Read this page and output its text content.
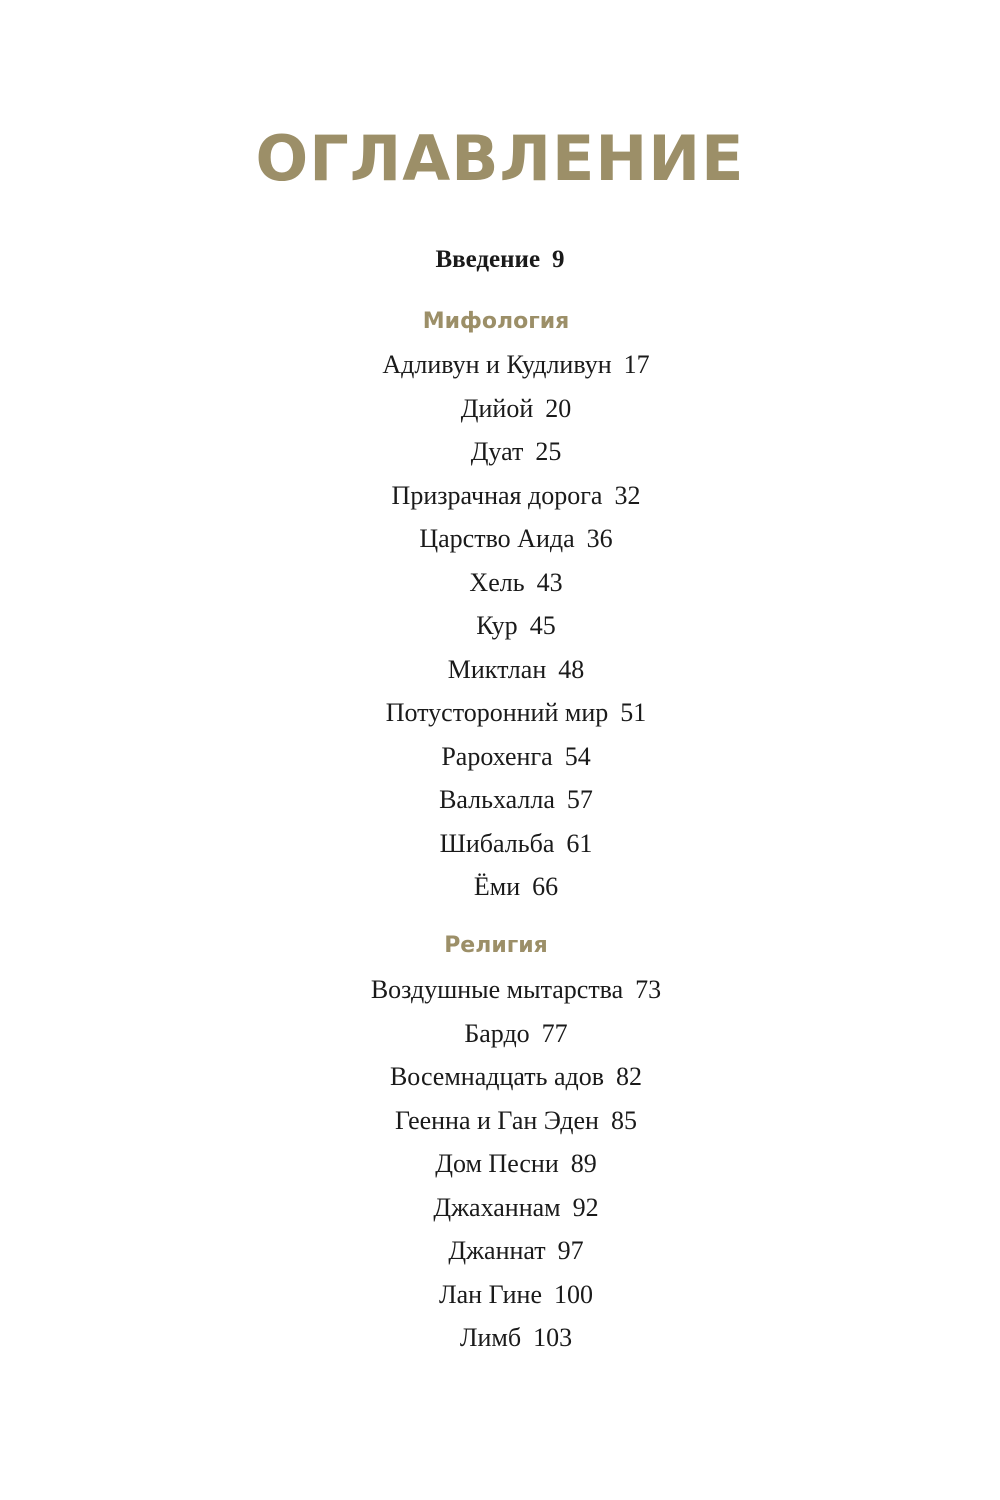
ОГЛАВЛЕНИЕ
Введение 9
Мифология
Адливун и Кудливун 17
Дийой 20
Дуат 25
Призрачная дорога 32
Царство Аида 36
Хель 43
Кур 45
Миктлан 48
Потусторонний мир 51
Рарохенга 54
Вальхалла 57
Шибальба 61
Ёми 66
Религия
Воздушные мытарства 73
Бардо 77
Восемнадцать адов 82
Геенна и Ган Эден 85
Дом Песни 89
Джаханнам 92
Джаннат 97
Лан Гине 100
Лимб 103
